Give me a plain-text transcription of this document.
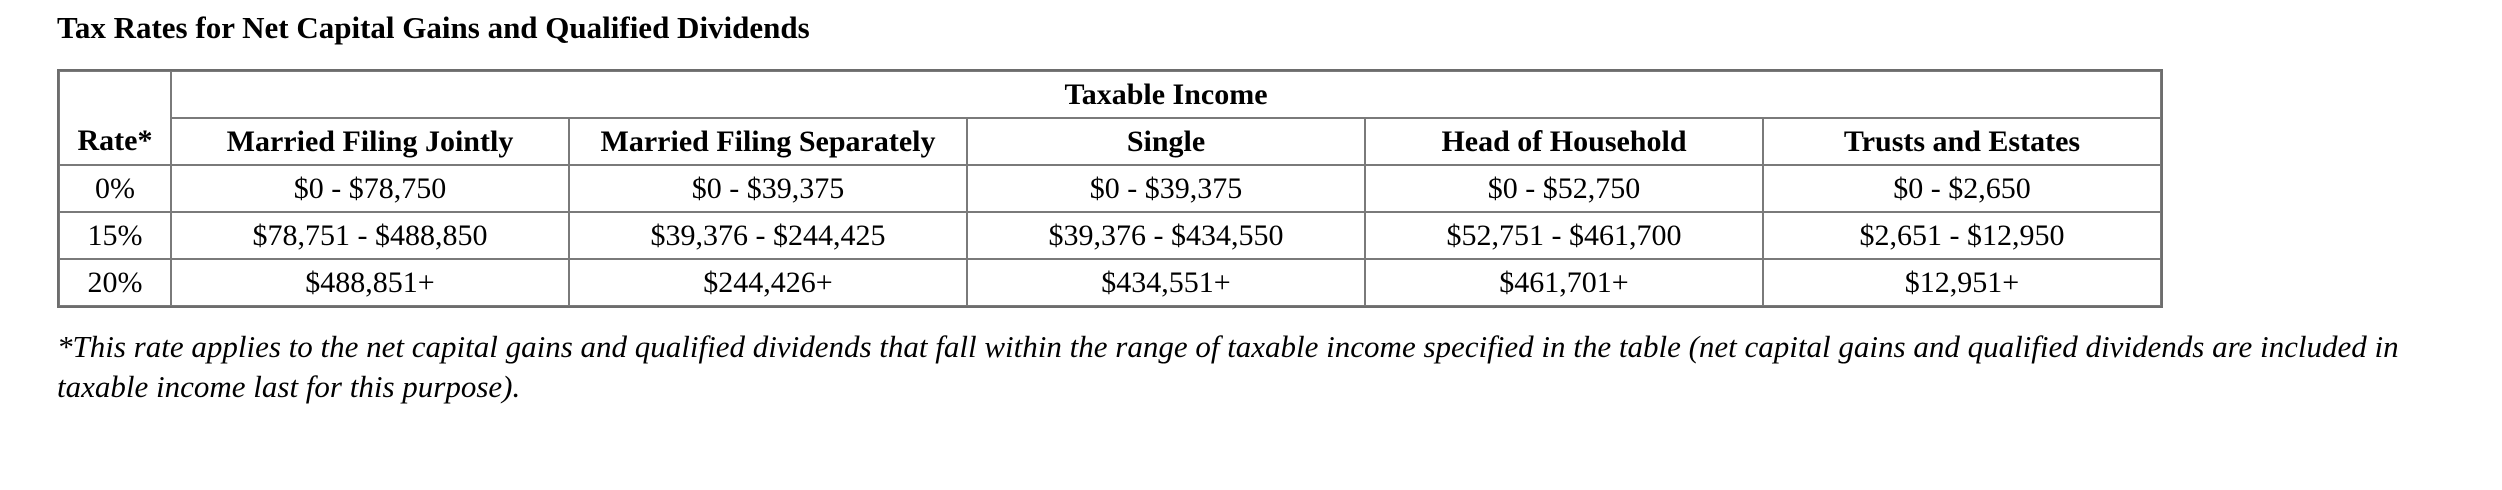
Tax Rates for Net Capital Gains and Qualified Dividends
Rate*	Taxable Income				
	Married Filing Jointly	Married Filing Separately	Single	Head of Household	Trusts and Estates
0%	$0 - $78,750	$0 - $39,375	$0 - $39,375	$0 - $52,750	$0 - $2,650
15%	$78,751 - $488,850	$39,376 - $244,425	$39,376 - $434,550	$52,751 - $461,700	$2,651 - $12,950
20%	$488,851+	$244,426+	$434,551+	$461,701+	$12,951+
*This rate applies to the net capital gains and qualified dividends that fall within the range of taxable income specified in the table (net capital gains and qualified dividends are included in taxable income last for this purpose).
